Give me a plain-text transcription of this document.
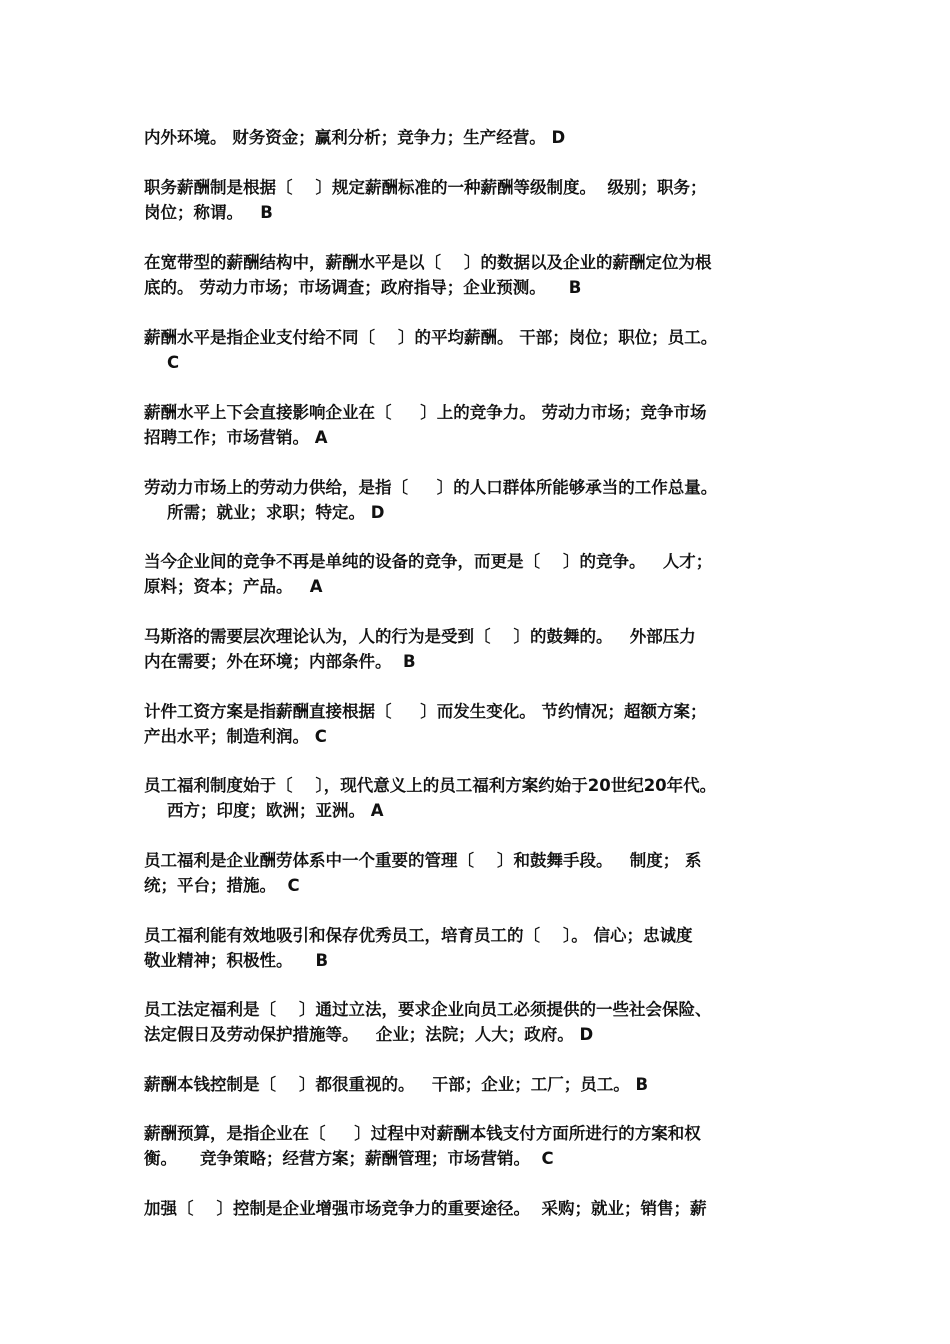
内外环境。 财务资金；赢利分析；竞争力；生产经营。 D
职务薪酬制是根据〔    〕规定薪酬标准的一种薪酬等级制度。  级别；职务；
岗位；称谓。   B
在宽带型的薪酬结构中，薪酬水平是以〔    〕的数据以及企业的薪酬定位为根
底的。 劳动力市场；市场调查；政府指导；企业预测。    B
薪酬水平是指企业支付给不同〔    〕的平均薪酬。 干部；岗位；职位；员工。
C
薪酬水平上下会直接影响企业在〔     〕上的竞争力。 劳动力市场；竞争市场
招聘工作；市场营销。 A
劳动力市场上的劳动力供给，是指〔     〕的人口群体所能够承当的工作总量。
所需；就业；求职；特定。 D
当今企业间的竞争不再是单纯的设备的竞争，而更是〔    〕的竞争。   人才；
原料；资本；产品。   A
马斯洛的需要层次理论认为，人的行为是受到〔    〕的鼓舞的。   外部压力
内在需要；外在环境；内部条件。  B
计件工资方案是指薪酬直接根据〔     〕而发生变化。 节约情况；超额方案；
产出水平；制造利润。 C
员工福利制度始于〔    〕，现代意义上的员工福利方案约始于20世纪20年代。
西方；印度；欧洲；亚洲。 A
员工福利是企业酬劳体系中一个重要的管理〔    〕和鼓舞手段。   制度； 系
统；平台；措施。  C
员工福利能有效地吸引和保存优秀员工，培育员工的〔    〕。 信心；忠诚度
敬业精神；积极性。    B
员工法定福利是〔    〕通过立法，要求企业向员工必须提供的一些社会保险、
法定假日及劳动保护措施等。   企业；法院；人大；政府。 D
薪酬本钱控制是〔    〕都很重视的。   干部；企业；工厂；员工。 B
薪酬预算，是指企业在〔     〕过程中对薪酬本钱支付方面所进行的方案和权
衡。    竞争策略；经营方案；薪酬管理；市场营销。  C
加强〔    〕控制是企业增强市场竞争力的重要途径。  采购；就业；销售；薪
